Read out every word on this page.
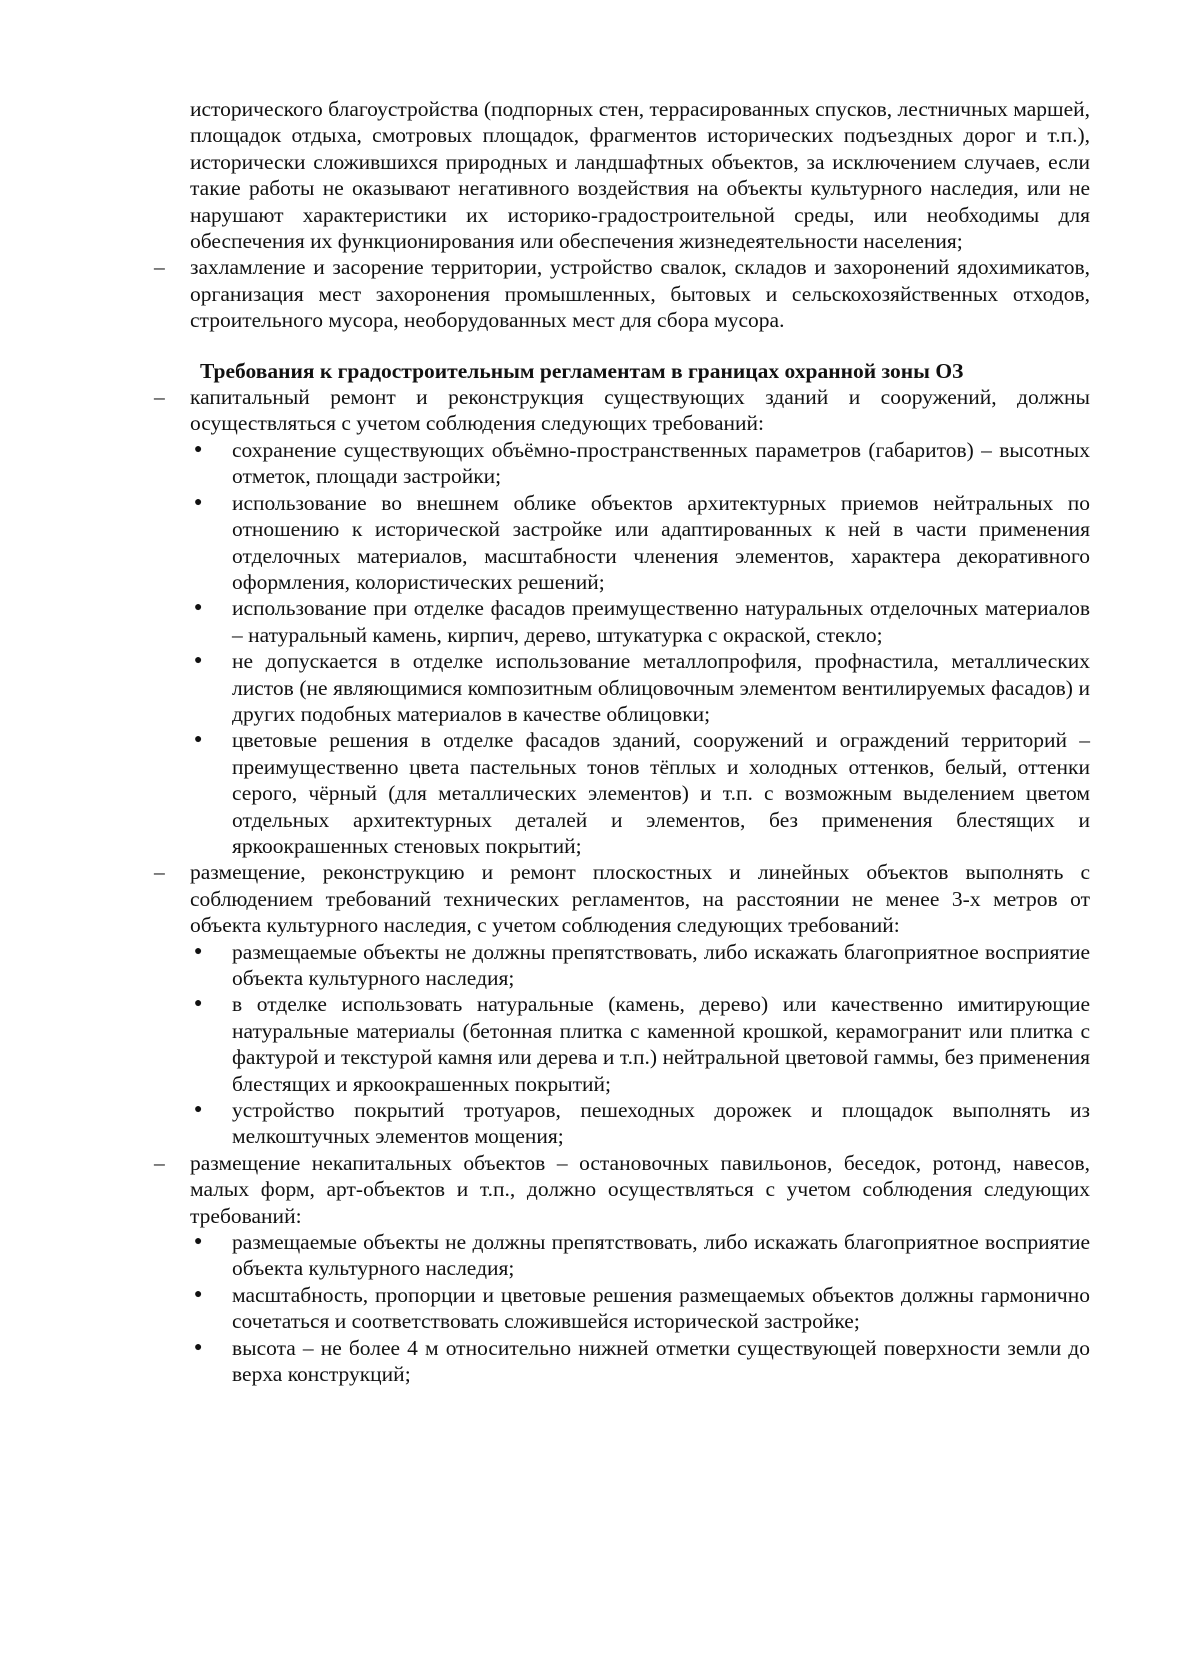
исторического благоустройства (подпорных стен, террасированных спусков, лестничных маршей, площадок отдыха, смотровых площадок, фрагментов исторических подъездных дорог и т.п.), исторически сложившихся природных и ландшафтных объектов, за исключением случаев, если такие работы не оказывают негативного воздействия на объекты культурного наследия, или не нарушают характеристики их историко-градостроительной среды, или необходимы для обеспечения их функционирования или обеспечения жизнедеятельности населения;
– захламление и засорение территории, устройство свалок, складов и захоронений ядохимикатов, организация мест захоронения промышленных, бытовых и сельскохозяйственных отходов, строительного мусора, необорудованных мест для сбора мусора.
Требования к градостроительным регламентам в границах охранной зоны ОЗ
– капитальный ремонт и реконструкция существующих зданий и сооружений, должны осуществляться с учетом соблюдения следующих требований:
● сохранение существующих объёмно-пространственных параметров (габаритов) – высотных отметок, площади застройки;
● использование во внешнем облике объектов архитектурных приемов нейтральных по отношению к исторической застройке или адаптированных к ней в части применения отделочных материалов, масштабности членения элементов, характера декоративного оформления, колористических решений;
● использование при отделке фасадов преимущественно натуральных отделочных материалов – натуральный камень, кирпич, дерево, штукатурка с окраской, стекло;
● не допускается в отделке использование металлопрофиля, профнастила, металлических листов (не являющимися композитным облицовочным элементом вентилируемых фасадов) и других подобных материалов в качестве облицовки;
● цветовые решения в отделке фасадов зданий, сооружений и ограждений территорий – преимущественно цвета пастельных тонов тёплых и холодных оттенков, белый, оттенки серого, чёрный (для металлических элементов) и т.п. с возможным выделением цветом отдельных архитектурных деталей и элементов, без применения блестящих и яркоокрашенных стеновых покрытий;
– размещение, реконструкцию и ремонт плоскостных и линейных объектов выполнять с соблюдением требований технических регламентов, на расстоянии не менее 3-х метров от объекта культурного наследия, с учетом соблюдения следующих требований:
● размещаемые объекты не должны препятствовать, либо искажать благоприятное восприятие объекта культурного наследия;
● в отделке использовать натуральные (камень, дерево) или качественно имитирующие натуральные материалы (бетонная плитка с каменной крошкой, керамогранит или плитка с фактурой и текстурой камня или дерева и т.п.) нейтральной цветовой гаммы, без применения блестящих и яркоокрашенных покрытий;
● устройство покрытий тротуаров, пешеходных дорожек и площадок выполнять из мелкоштучных элементов мощения;
– размещение некапитальных объектов – остановочных павильонов, беседок, ротонд, навесов, малых форм, арт-объектов и т.п., должно осуществляться с учетом соблюдения следующих требований:
● размещаемые объекты не должны препятствовать, либо искажать благоприятное восприятие объекта культурного наследия;
● масштабность, пропорции и цветовые решения размещаемых объектов должны гармонично сочетаться и соответствовать сложившейся исторической застройке;
● высота – не более 4 м относительно нижней отметки существующей поверхности земли до верха конструкций;
